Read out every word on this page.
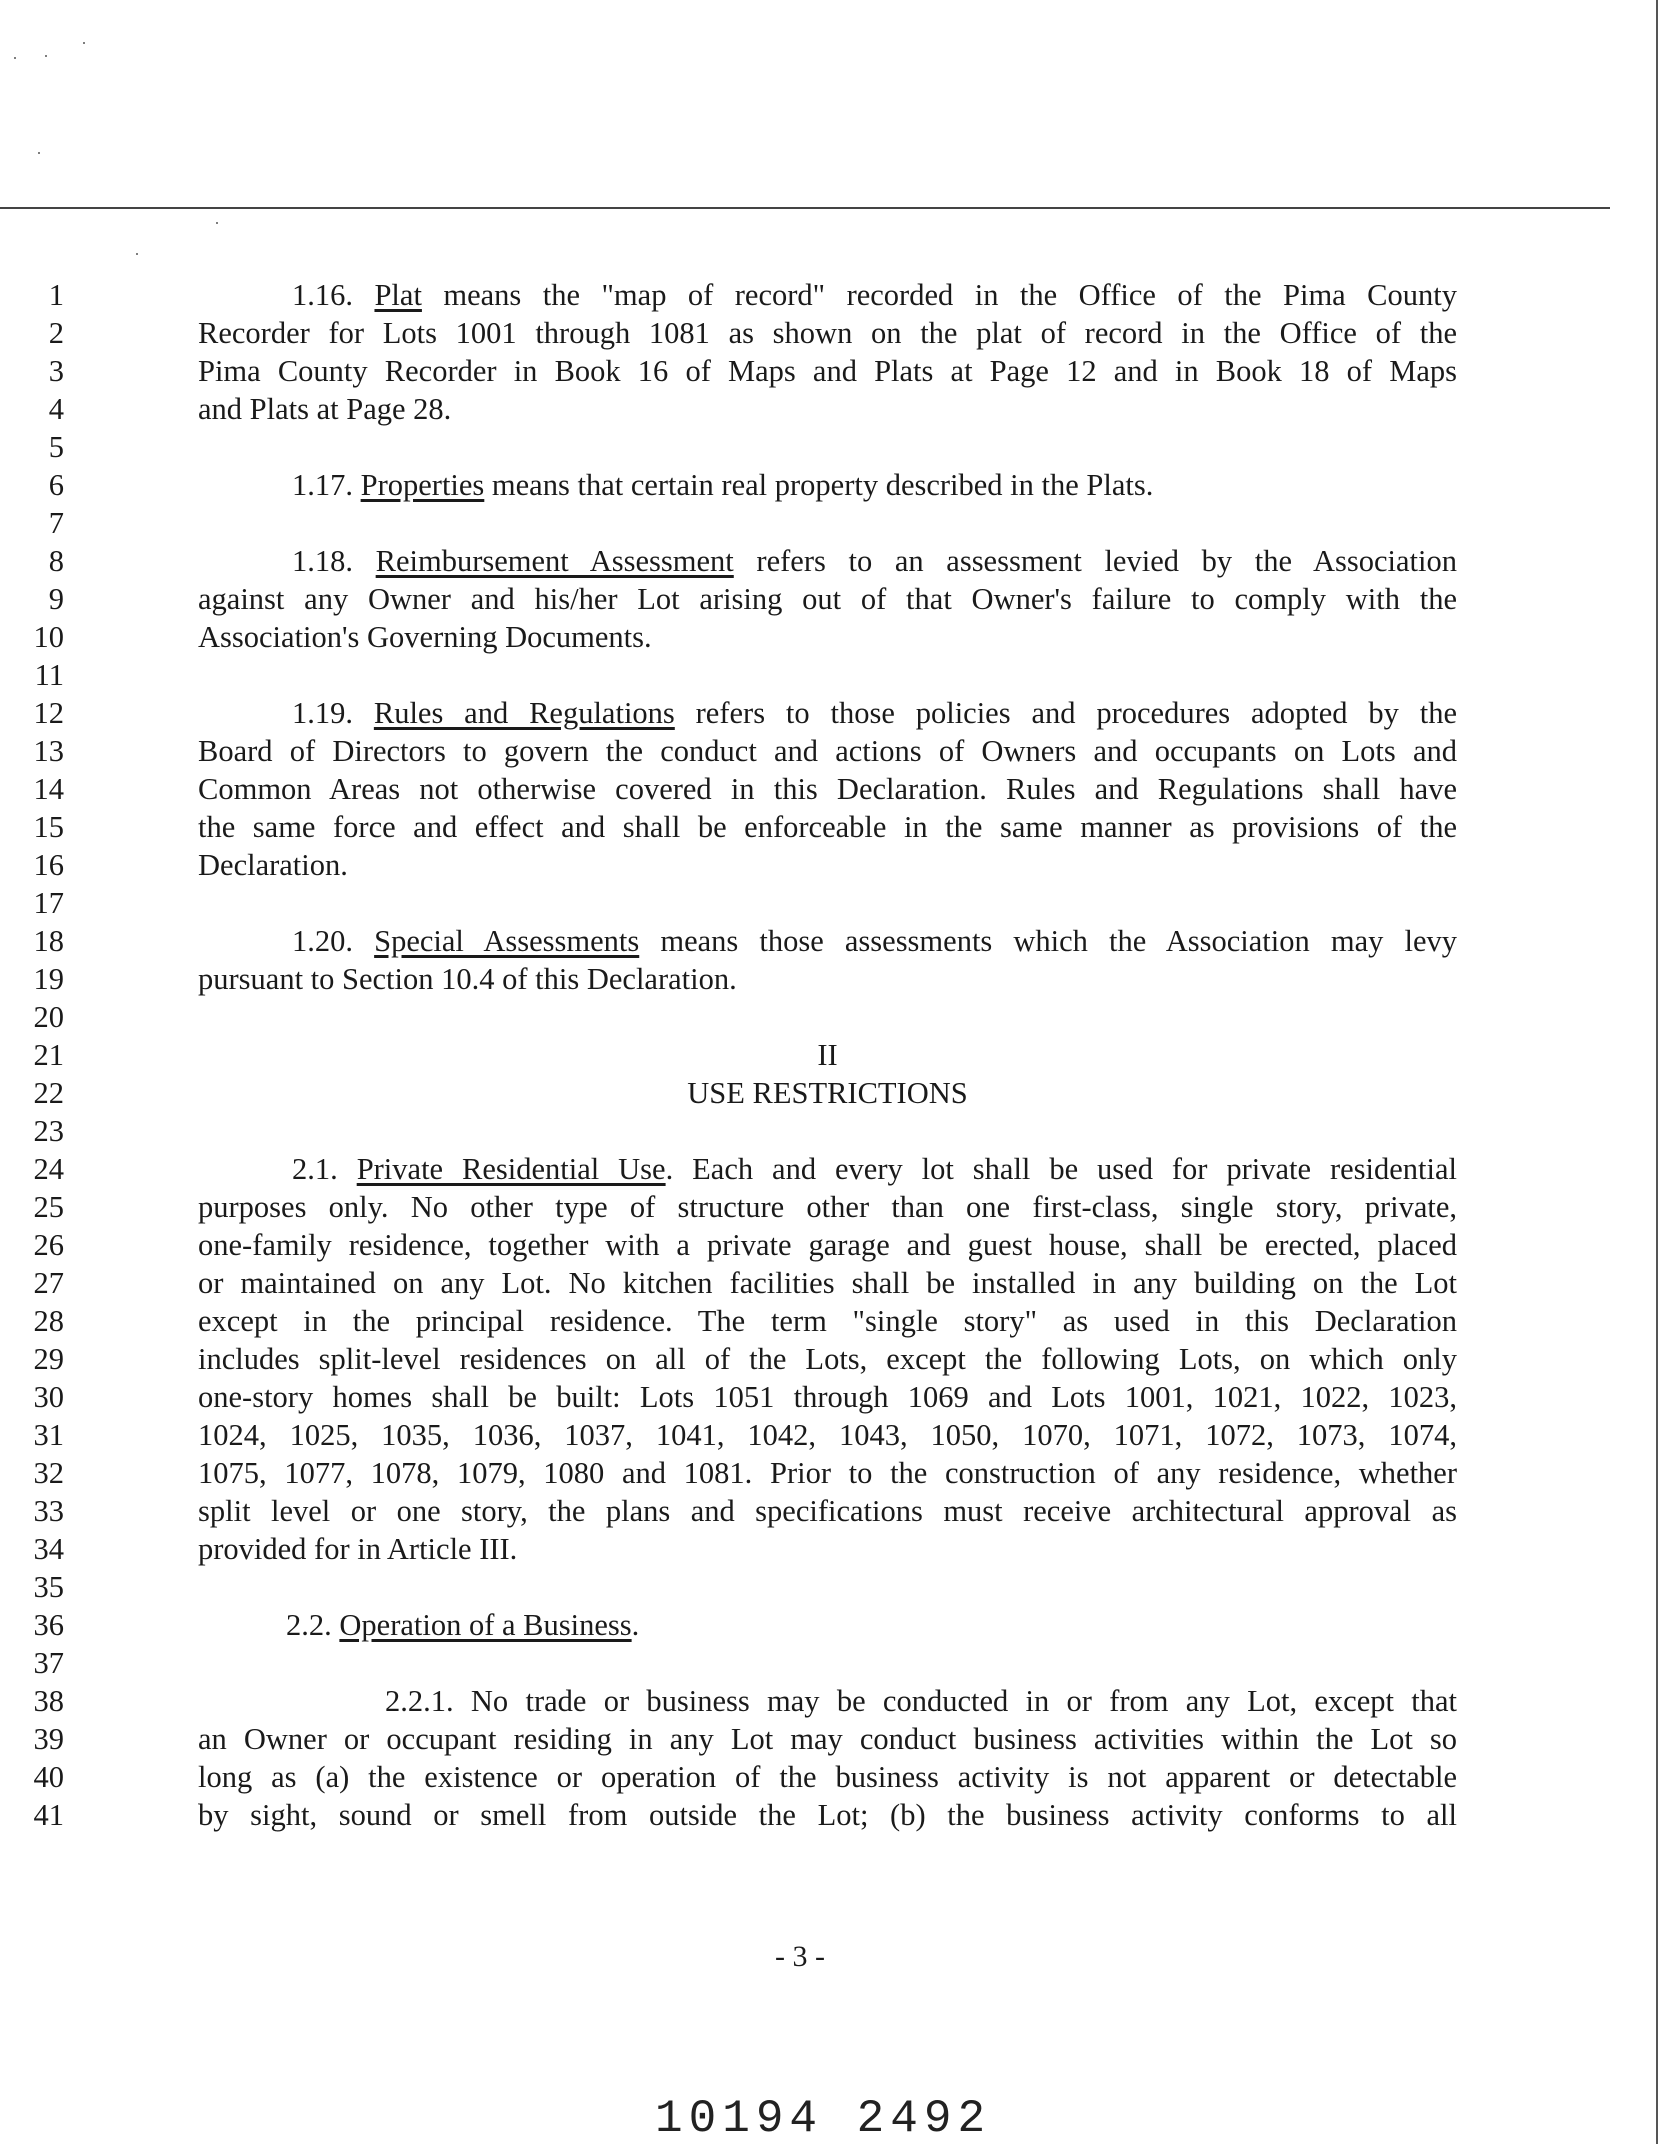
1
2
3
4
5
6
7
8
9
10
11
12
13
14
15
16
17
18
19
20
21
22
23
24
25
26
27
28
29
30
31
32
33
34
35
36
37
38
39
40
41
1.16. Plat means the "map of record" recorded in the Office of the Pima County
Recorder for Lots 1001 through 1081 as shown on the plat of record in the Office of the
Pima County Recorder in Book 16 of Maps and Plats at Page 12 and in Book 18 of Maps
and Plats at Page 28.
1.17. Properties means that certain real property described in the Plats.
1.18. Reimbursement Assessment refers to an assessment levied by the Association
against any Owner and his/her Lot arising out of that Owner's failure to comply with the
Association's Governing Documents.
1.19. Rules and Regulations refers to those policies and procedures adopted by the
Board of Directors to govern the conduct and actions of Owners and occupants on Lots and
Common Areas not otherwise covered in this Declaration. Rules and Regulations shall have
the same force and effect and shall be enforceable in the same manner as provisions of the
Declaration.
1.20. Special Assessments means those assessments which the Association may levy
pursuant to Section 10.4 of this Declaration.
II
USE RESTRICTIONS
2.1. Private Residential Use. Each and every lot shall be used for private residential
purposes only. No other type of structure other than one first-class, single story, private,
one-family residence, together with a private garage and guest house, shall be erected, placed
or maintained on any Lot. No kitchen facilities shall be installed in any building on the Lot
except in the principal residence. The term "single story" as used in this Declaration
includes split-level residences on all of the Lots, except the following Lots, on which only
one-story homes shall be built: Lots 1051 through 1069 and Lots 1001, 1021, 1022, 1023,
1024, 1025, 1035, 1036, 1037, 1041, 1042, 1043, 1050, 1070, 1071, 1072, 1073, 1074,
1075, 1077, 1078, 1079, 1080 and 1081. Prior to the construction of any residence, whether
split level or one story, the plans and specifications must receive architectural approval as
provided for in Article III.
2.2. Operation of a Business.
2.2.1. No trade or business may be conducted in or from any Lot, except that
an Owner or occupant residing in any Lot may conduct business activities within the Lot so
long as (a) the existence or operation of the business activity is not apparent or detectable
by sight, sound or smell from outside the Lot; (b) the business activity conforms to all
- 3 -
10194 2492
